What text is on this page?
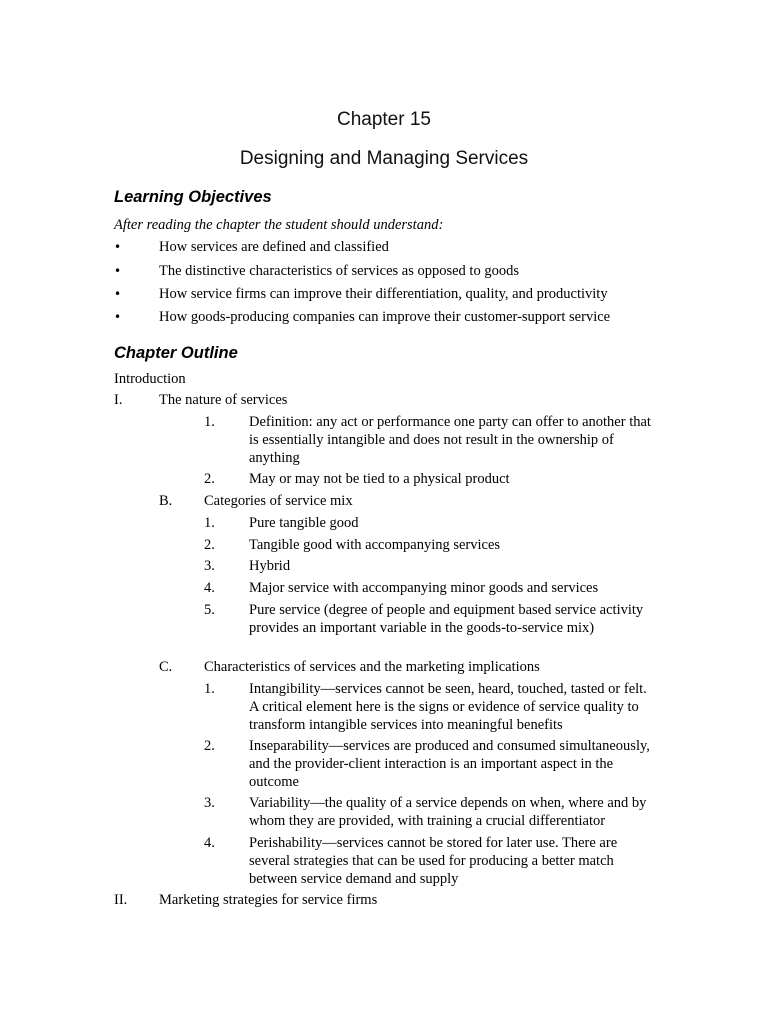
Chapter 15
Designing and Managing Services
Learning Objectives
After reading the chapter the student should understand:
•	How services are defined and classified
•	The distinctive characteristics of services as opposed to goods
•	How service firms can improve their differentiation, quality, and productivity
•	How goods-producing companies can improve their customer-support service
Chapter Outline
Introduction
I.	The nature of services
1. Definition: any act or performance one party can offer to another that is essentially intangible and does not result in the ownership of anything
2. May or may not be tied to a physical product
B. Categories of service mix
1. Pure tangible good
2. Tangible good with accompanying services
3. Hybrid
4. Major service with accompanying minor goods and services
5. Pure service (degree of people and equipment based service activity provides an important variable in the goods-to-service mix)
C. Characteristics of services and the marketing implications
1. Intangibility—services cannot be seen, heard, touched, tasted or felt. A critical element here is the signs or evidence of service quality to transform intangible services into meaningful benefits
2. Inseparability—services are produced and consumed simultaneously, and the provider-client interaction is an important aspect in the outcome
3. Variability—the quality of a service depends on when, where and by whom they are provided, with training a crucial differentiator
4. Perishability—services cannot be stored for later use. There are several strategies that can be used for producing a better match between service demand and supply
II. Marketing strategies for service firms
